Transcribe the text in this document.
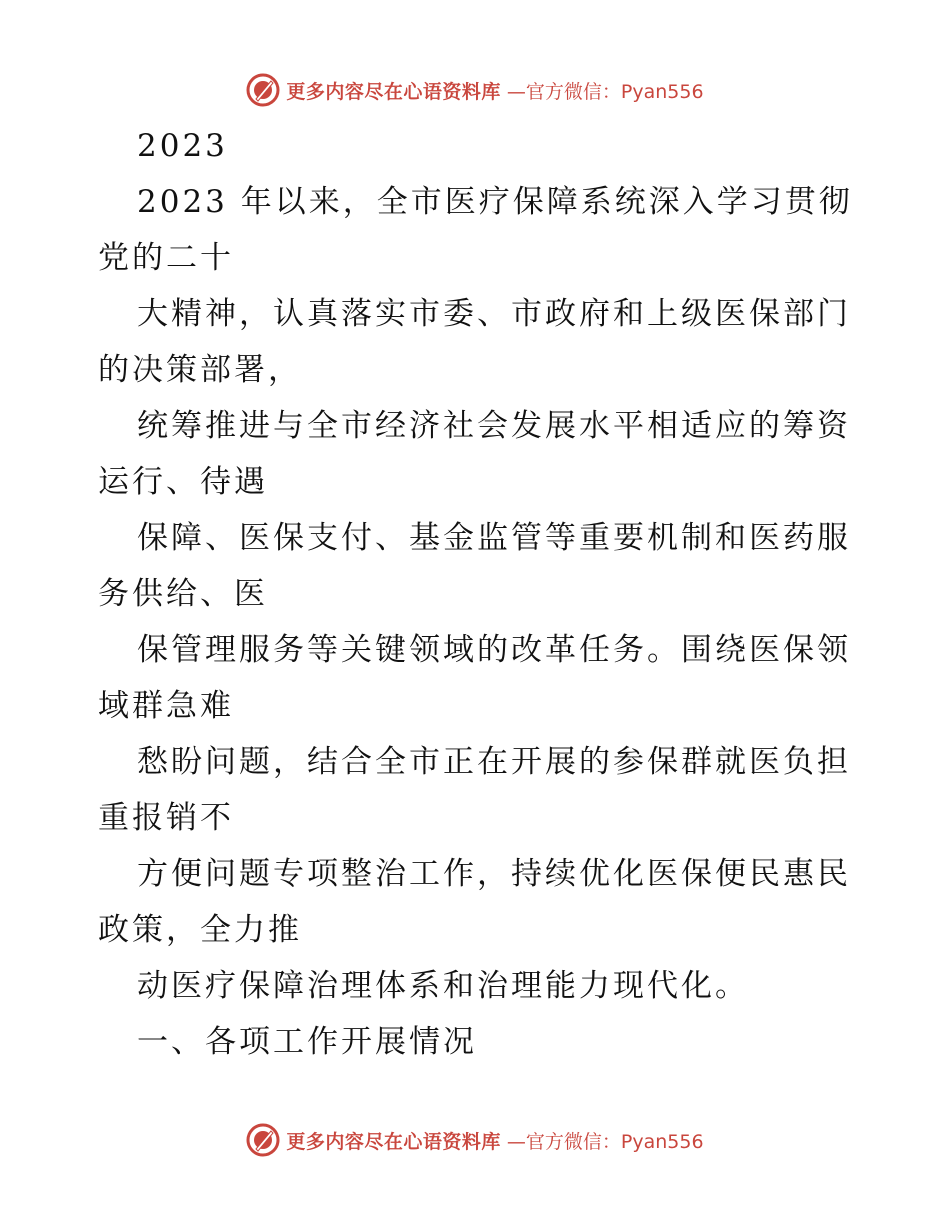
更多内容尽在心语资料库 —官方微信：Pyan556
2023
2023 年以来，全市医疗保障系统深入学习贯彻
党的二十
大精神，认真落实市委、市政府和上级医保部门
的决策部署，
统筹推进与全市经济社会发展水平相适应的筹资
运行、待遇
保障、医保支付、基金监管等重要机制和医药服
务供给、医
保管理服务等关键领域的改革任务。围绕医保领
域群急难
愁盼问题，结合全市正在开展的参保群就医负担
重报销不
方便问题专项整治工作，持续优化医保便民惠民
政策，全力推
动医疗保障治理体系和治理能力现代化。
一、各项工作开展情况
更多内容尽在心语资料库 —官方微信：Pyan556
